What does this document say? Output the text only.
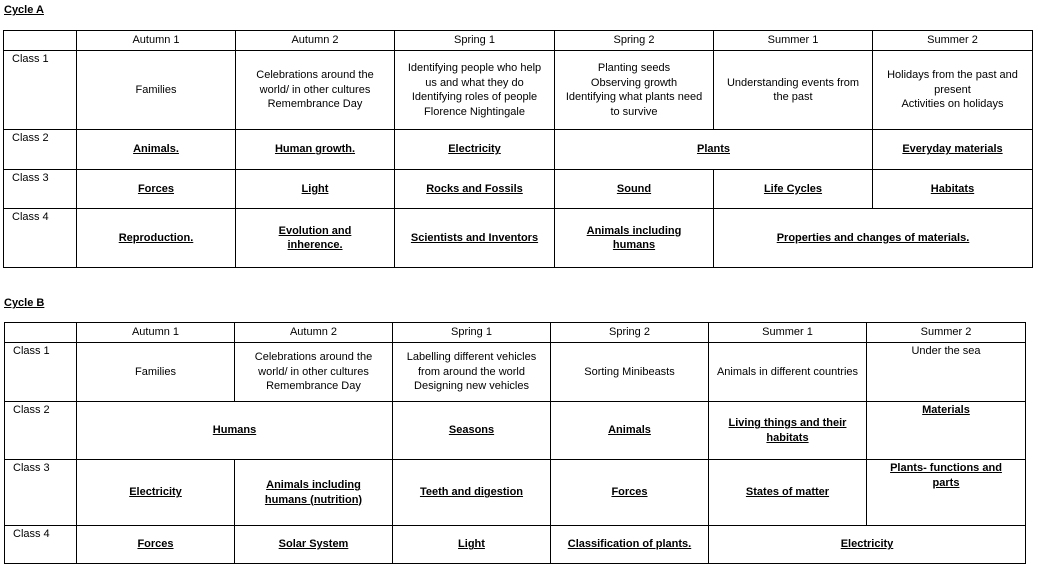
Cycle A
	Autumn 1	Autumn 2	Spring 1	Spring 2	Summer 1	Summer 2
Class 1	Families	Celebrations around the
world/ in other cultures
Remembrance Day	Identifying people who help
us and what they do
Identifying roles of people
Florence Nightingale	Planting seeds
Observing growth
Identifying what plants need
to survive	Understanding events from
the past	Holidays from the past and
present
Activities on holidays

Class 2	Animals.	Human growth.	Electricity	Plants		Everyday materials

Class 3	Forces	Light	Rocks and Fossils	Sound	Life Cycles	Habitats

Class 4	Reproduction.	Evolution and
inherence.	Scientists and Inventors	Animals including
humans	Properties and changes of materials.	
Cycle B
	Autumn 1	Autumn 2	Spring 1	Spring 2	Summer 1	Summer 2
Class 1	Families	Celebrations around the
world/ in other cultures
Remembrance Day	Labelling different vehicles
from around the world
Designing new vehicles	Sorting Minibeasts	Animals in different countries	Under the sea

Class 2	Humans		Seasons	Animals	Living things and their
habitats	Materials

Class 3	Electricity	Animals including
humans (nutrition)	Teeth and digestion	Forces	States of matter	Plants- functions and
parts

Class 4	Forces	Solar System	Light	Classification of plants.	Electricity	
